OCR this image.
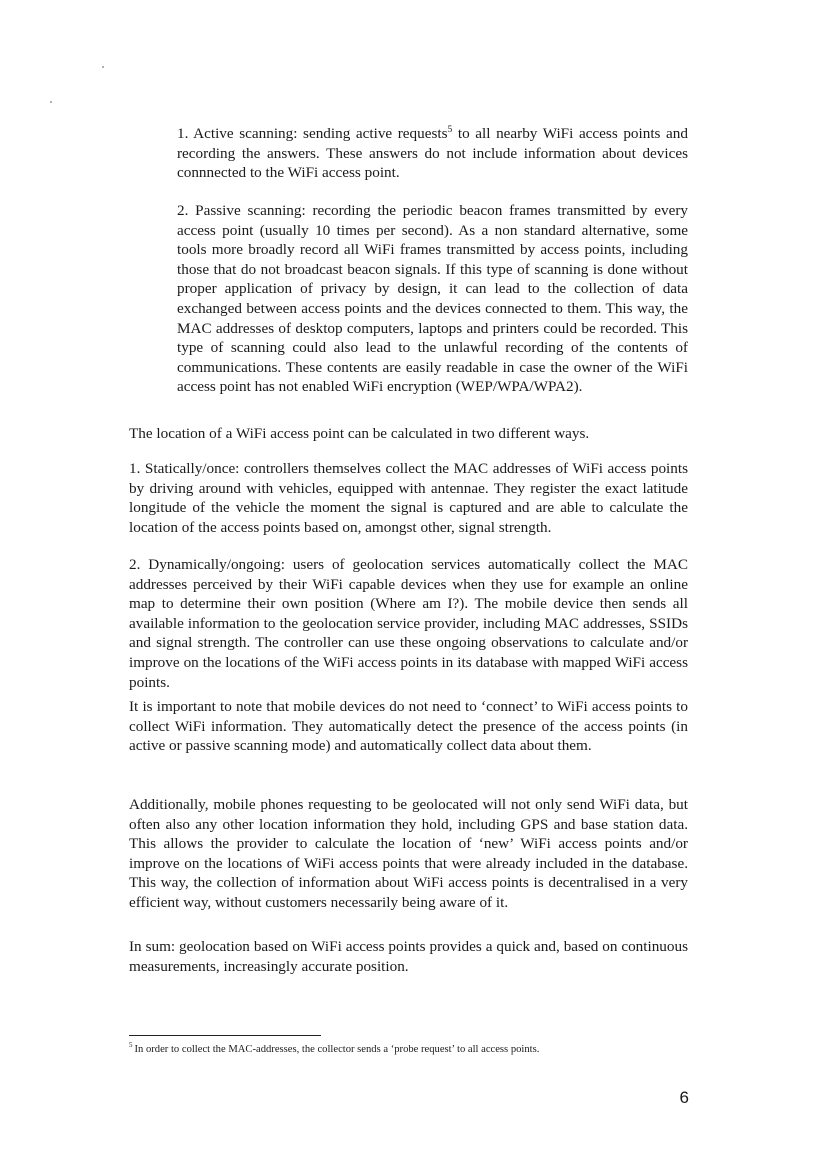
1. Active scanning: sending active requests$^5$ to all nearby WiFi access points and recording the answers. These answers do not include information about devices connnected to the WiFi access point.

2. Passive scanning: recording the periodic beacon frames transmitted by every access point (usually 10 times per second). As a non standard alternative, some tools more broadly record all WiFi frames transmitted by access points, including those that do not broadcast beacon signals. If this type of scanning is done without proper application of privacy by design, it can lead to the collection of data exchanged between access points and the devices connected to them. This way, the MAC addresses of desktop computers, laptops and printers could be recorded. This type of scanning could also lead to the unlawful recording of the contents of communications. These contents are easily readable in case the owner of the WiFi access point has not enabled WiFi encryption (WEP/WPA/WPA2).

The location of a WiFi access point can be calculated in two different ways.

1. Statically/once: controllers themselves collect the MAC addresses of WiFi access points by driving around with vehicles, equipped with antennae. They register the exact latitude longitude of the vehicle the moment the signal is captured and are able to calculate the location of the access points based on, amongst other, signal strength.

2. Dynamically/ongoing: users of geolocation services automatically collect the MAC addresses perceived by their WiFi capable devices when they use for example an online map to determine their own position (Where am I?). The mobile device then sends all available information to the geolocation service provider, including MAC addresses, SSIDs and signal strength. The controller can use these ongoing observations to calculate and/or improve on the locations of the WiFi access points in its database with mapped WiFi access points.

It is important to note that mobile devices do not need to ‘connect’ to WiFi access points to collect WiFi information. They automatically detect the presence of the access points (in active or passive scanning mode) and automatically collect data about them.

Additionally, mobile phones requesting to be geolocated will not only send WiFi data, but often also any other location information they hold, including GPS and base station data. This allows the provider to calculate the location of ‘new’ WiFi access points and/or improve on the locations of WiFi access points that were already included in the database. This way, the collection of information about WiFi access points is decentralised in a very efficient way, without customers necessarily being aware of it.

In sum: geolocation based on WiFi access points provides a quick and, based on continuous measurements, increasingly accurate position.

$^5$ In order to collect the MAC-addresses, the collector sends a ‘probe request’ to all access points.

6
